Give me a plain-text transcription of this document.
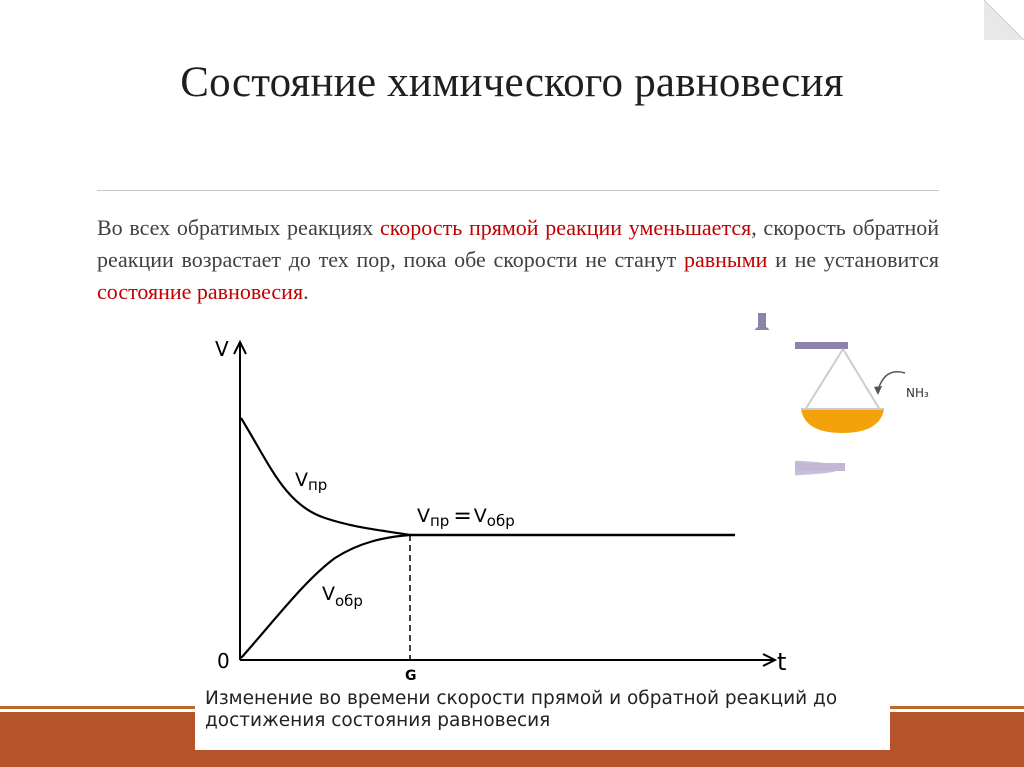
Состояние химического равновесия
Во всех обратимых реакциях скорость прямой реакции уменьшается, скорость обратной реакции возрастает до тех пор, пока обе скорости не станут равными и не установится состояние равновесия.
NH₃
V
t
0
G
$V_{пр}$
$V_{обр}$
$V_{пр} = V_{обр}$
Изменение во времени скорости прямой и обратной реакций до достижения состояния равновесия
